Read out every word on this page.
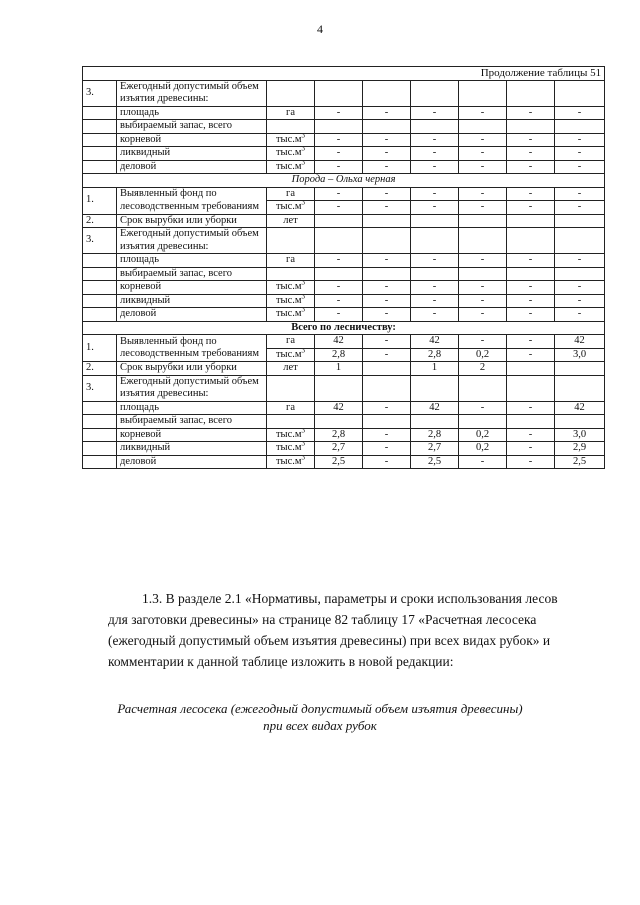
4
Продолжение таблицы 51								
3.	Ежегодный допустимый объем изъятия древесины:							
	площадь	га	-	-	-	-	-	-
	выбираемый запас, всего							
	корневой	$тыс.м^3$	-	-	-	-	-	-
	ликвидный	$тыс.м^3$	-	-	-	-	-	-
	деловой	$тыс.м^3$	-	-	-	-	-	-
Порода – Ольха черная								
1.	Выявленный фонд по лесоводственным требованиям	га	-	-	-	-	-	-
		$тыс.м^3$	-	-	-	-	-	-
2.	Срок вырубки или уборки	лет						
3.	Ежегодный допустимый объем изъятия древесины:							
	площадь	га	-	-	-	-	-	-
	выбираемый запас, всего							
	корневой	$тыс.м^3$	-	-	-	-	-	-
	ликвидный	$тыс.м^3$	-	-	-	-	-	-
	деловой	$тыс.м^3$	-	-	-	-	-	-
Всего по лесничеству:								
1.	Выявленный фонд по лесоводственным требованиям	га	42	-	42	-	-	42
		$тыс.м^3$	2,8	-	2,8	0,2	-	3,0
2.	Срок вырубки или уборки	лет	1		1	2		
3.	Ежегодный допустимый объем изъятия древесины:							
	площадь	га	42	-	42	-	-	42
	выбираемый запас, всего							
	корневой	$тыс.м^3$	2,8	-	2,8	0,2	-	3,0
	ликвидный	$тыс.м^3$	2,7	-	2,7	0,2	-	2,9
	деловой	$тыс.м^3$	2,5	-	2,5	-	-	2,5
1.3. В разделе 2.1 «Нормативы, параметры и сроки использования лесов
для заготовки древесины» на странице 82 таблицу 17 «Расчетная лесосека
(ежегодный допустимый объем изъятия древесины) при всех видах рубок» и
комментарии к данной таблице изложить в новой редакции:
Расчетная лесосека (ежегодный допустимый объем изъятия древесины)
при всех видах рубок
